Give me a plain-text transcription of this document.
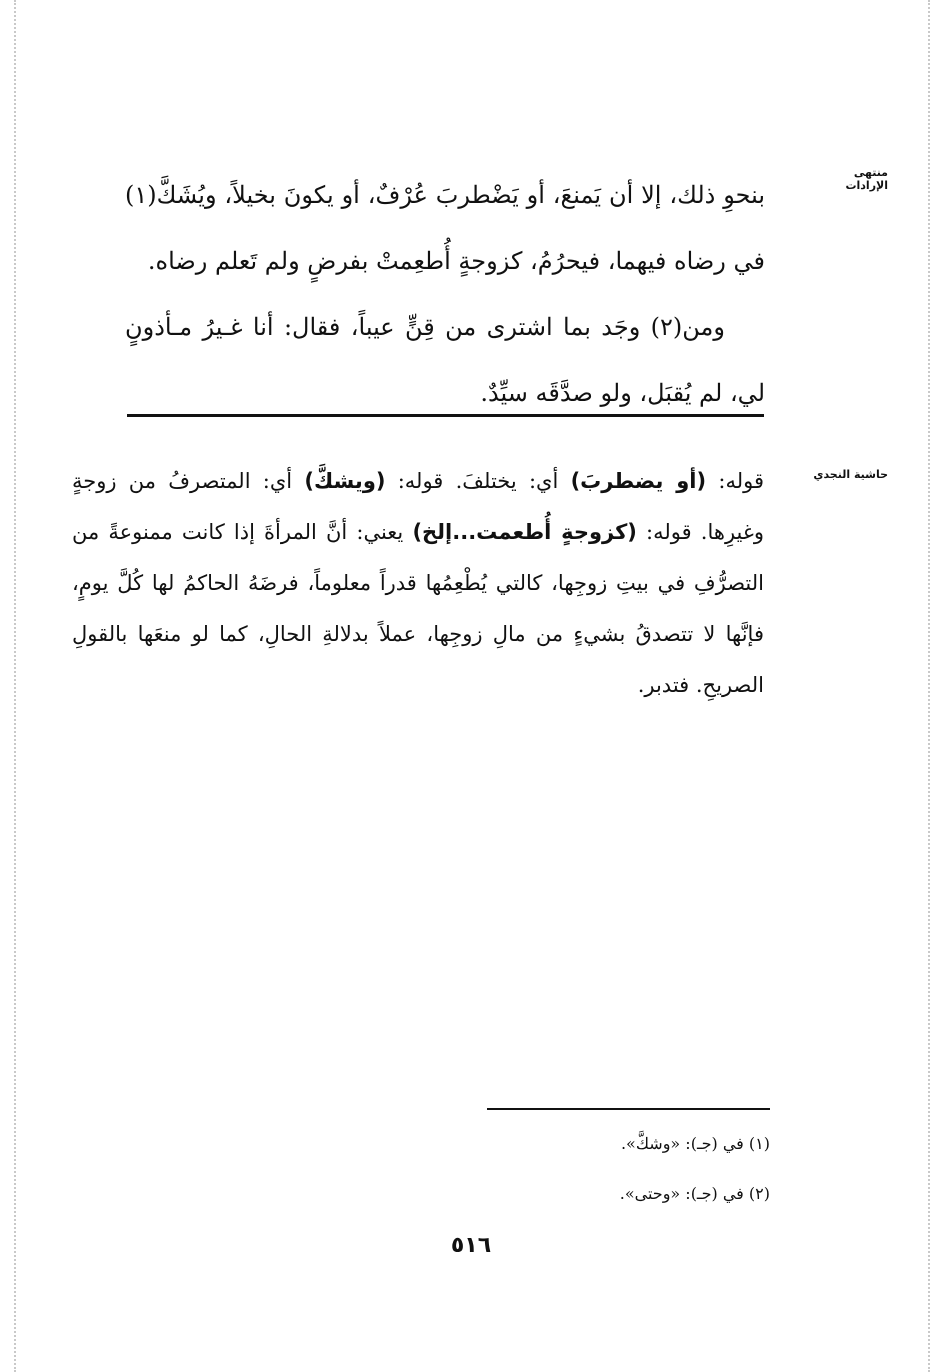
منتهى الإرادات

بنحوِ ذلك، إلا أن يَمنعَ، أو يَضْطربَ عُرْفٌ، أو يكونَ بخيلاً، ويُشَكَّ(١) في رضاه فيهما، فيحرُمُ، كزوجةٍ أُطعِمتْ بفرضٍ ولم تَعلم رضاه.

ومن(٢) وجَد بما اشترى من قِنٍّ عيباً، فقال: أنا غـيرُ مـأذونٍ لي، لم يُقبَل، ولو صدَّقَه سيِّدٌ.

حاشية النجدي
قوله: (أو يضطربَ) أي: يختلفَ. قوله: (ويشكَّ) أي: المتصرفُ من زوجةٍ وغيرِها. قوله: (كزوجةٍ أُطعمت...إلخ) يعني: أنَّ المرأةَ إذا كانت ممنوعةً من التصرُّفِ في بيتِ زوجِها، كالتي يُطْعِمُها قدراً معلوماً، فرضَهُ الحاكمُ لها كُلَّ يومٍ، فإنَّها لا تتصدقُ بشيءٍ من مالِ زوجِها، عملاً بدلالةِ الحالِ، كما لو منعَها بالقولِ الصريحِ. فتدبر.
(١) في (جـ): «وشكَّ».
(٢) في (جـ): «وحتى».
٥١٦
